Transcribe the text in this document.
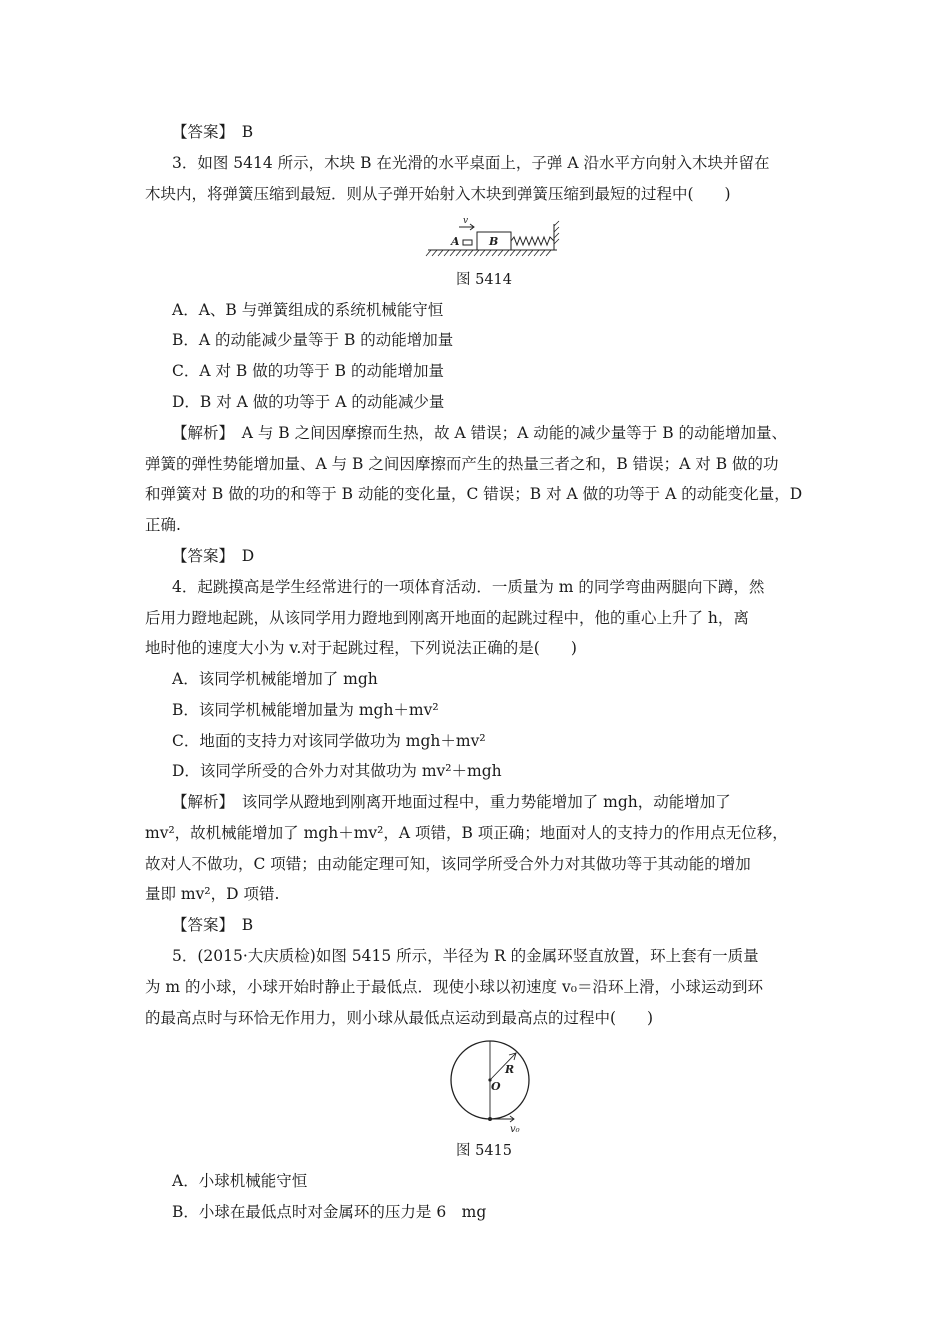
【答案】　B
3．如图 5414 所示，木块 B 在光滑的水平桌面上，子弹 A 沿水平方向射入木块并留在
木块内，将弹簧压缩到最短．则从子弹开始射入木块到弹簧压缩到最短的过程中(　　)
v
A	B
图 5414
A．A、B 与弹簧组成的系统机械能守恒
B．A 的动能减少量等于 B 的动能增加量
C．A 对 B 做的功等于 B 的动能增加量
D．B 对 A 做的功等于 A 的动能减少量
【解析】　A 与 B 之间因摩擦而生热，故 A 错误；A 动能的减少量等于 B 的动能增加量、
弹簧的弹性势能增加量、A 与 B 之间因摩擦而产生的热量三者之和，B 错误；A 对 B 做的功
和弹簧对 B 做的功的和等于 B 动能的变化量，C 错误；B 对 A 做的功等于 A 的动能变化量，D
正确.
【答案】　D
4．起跳摸高是学生经常进行的一项体育活动．一质量为 m 的同学弯曲两腿向下蹲，然
后用力蹬地起跳，从该同学用力蹬地到刚离开地面的起跳过程中，他的重心上升了 h，离
地时他的速度大小为 v.对于起跳过程，下列说法正确的是(　　)
A．该同学机械能增加了 mgh
B．该同学机械能增加量为 mgh＋mv²
C．地面的支持力对该同学做功为 mgh＋mv²
D．该同学所受的合外力对其做功为 mv²＋mgh
【解析】　该同学从蹬地到刚离开地面过程中，重力势能增加了 mgh，动能增加了
mv²，故机械能增加了 mgh＋mv²，A 项错，B 项正确；地面对人的支持力的作用点无位移，
故对人不做功，C 项错；由动能定理可知，该同学所受合外力对其做功等于其动能的增加
量即 mv²，D 项错.
【答案】　B
5．(2015·大庆质检)如图 5415 所示，半径为 R 的金属环竖直放置，环上套有一质量
为 m 的小球，小球开始时静止于最低点．现使小球以初速度 v₀＝沿环上滑，小球运动到环
的最高点时与环恰无作用力，则小球从最低点运动到最高点的过程中(　　)
R
O
v₀
图 5415
A．小球机械能守恒
B．小球在最低点时对金属环的压力是 6　mg
